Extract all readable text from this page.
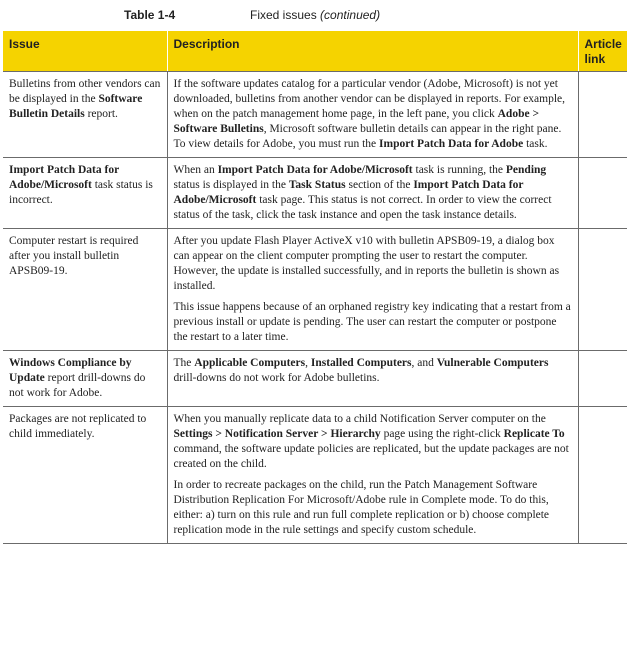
Table 1-4	Fixed issues (continued)
Issue	Description	Article link
Bulletins from other vendors can be displayed in the Software Bulletin Details report.	If the software updates catalog for a particular vendor (Adobe, Microsoft) is not yet downloaded, bulletins from another vendor can be displayed in reports. For example, when on the patch management home page, in the left pane, you click Adobe > Software Bulletins, Microsoft software bulletin details can appear in the right pane. To view details for Adobe, you must run the Import Patch Data for Adobe task.	

Import Patch Data for Adobe/Microsoft task status is incorrect.	When an Import Patch Data for Adobe/Microsoft task is running, the Pending status is displayed in the Task Status section of the Import Patch Data for Adobe/Microsoft task page. This status is not correct. In order to view the correct status of the task, click the task instance and open the task instance details.	

Computer restart is required after you install bulletin APSB09-19.	After you update Flash Player ActiveX v10 with bulletin APSB09-19, a dialog box can appear on the client computer prompting the user to restart the computer. However, the update is installed successfully, and in reports the bulletin is shown as installed.

This issue happens because of an orphaned registry key indicating that a restart from a previous install or update is pending. The user can restart the computer or postpone the restart to a later time.	

Windows Compliance by Update report drill-downs do not work for Adobe.	The Applicable Computers, Installed Computers, and Vulnerable Computers drill-downs do not work for Adobe bulletins.	

Packages are not replicated to child immediately.	When you manually replicate data to a child Notification Server computer on the Settings > Notification Server > Hierarchy page using the right-click Replicate To command, the software update policies are replicated, but the update packages are not created on the child.

In order to recreate packages on the child, run the Patch Management Software Distribution Replication For Microsoft/Adobe rule in Complete mode. To do this, either: a) turn on this rule and run full complete replication or b) choose complete replication mode in the rule settings and specify custom schedule.	
